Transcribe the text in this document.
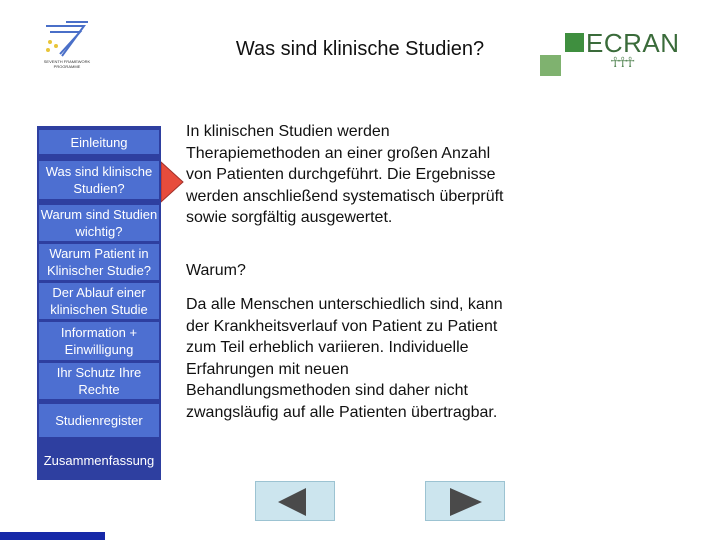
SEVENTH FRAMEWORK PROGRAMME
Was sind klinische Studien?	ECRAN
☥☥☥
Einleitung
Was sind klinische Studien?
Warum sind Studien wichtig?
Warum Patient in Klinischer Studie?
Der Ablauf einer klinischen Studie
Information + Einwilligung
Ihr Schutz Ihre Rechte
Studienregister
Zusammenfassung

In klinischen Studien werden Therapiemethoden an einer großen Anzahl von Patienten durchgeführt. Die Ergebnisse werden anschließend systematisch überprüft sowie sorgfältig ausgewertet.

Warum?
Da alle Menschen unterschiedlich sind, kann der Krankheitsverlauf von Patient zu Patient zum Teil erheblich variieren. Individuelle Erfahrungen mit neuen Behandlungsmethoden sind daher nicht zwangsläufig auf alle Patienten übertragbar.
